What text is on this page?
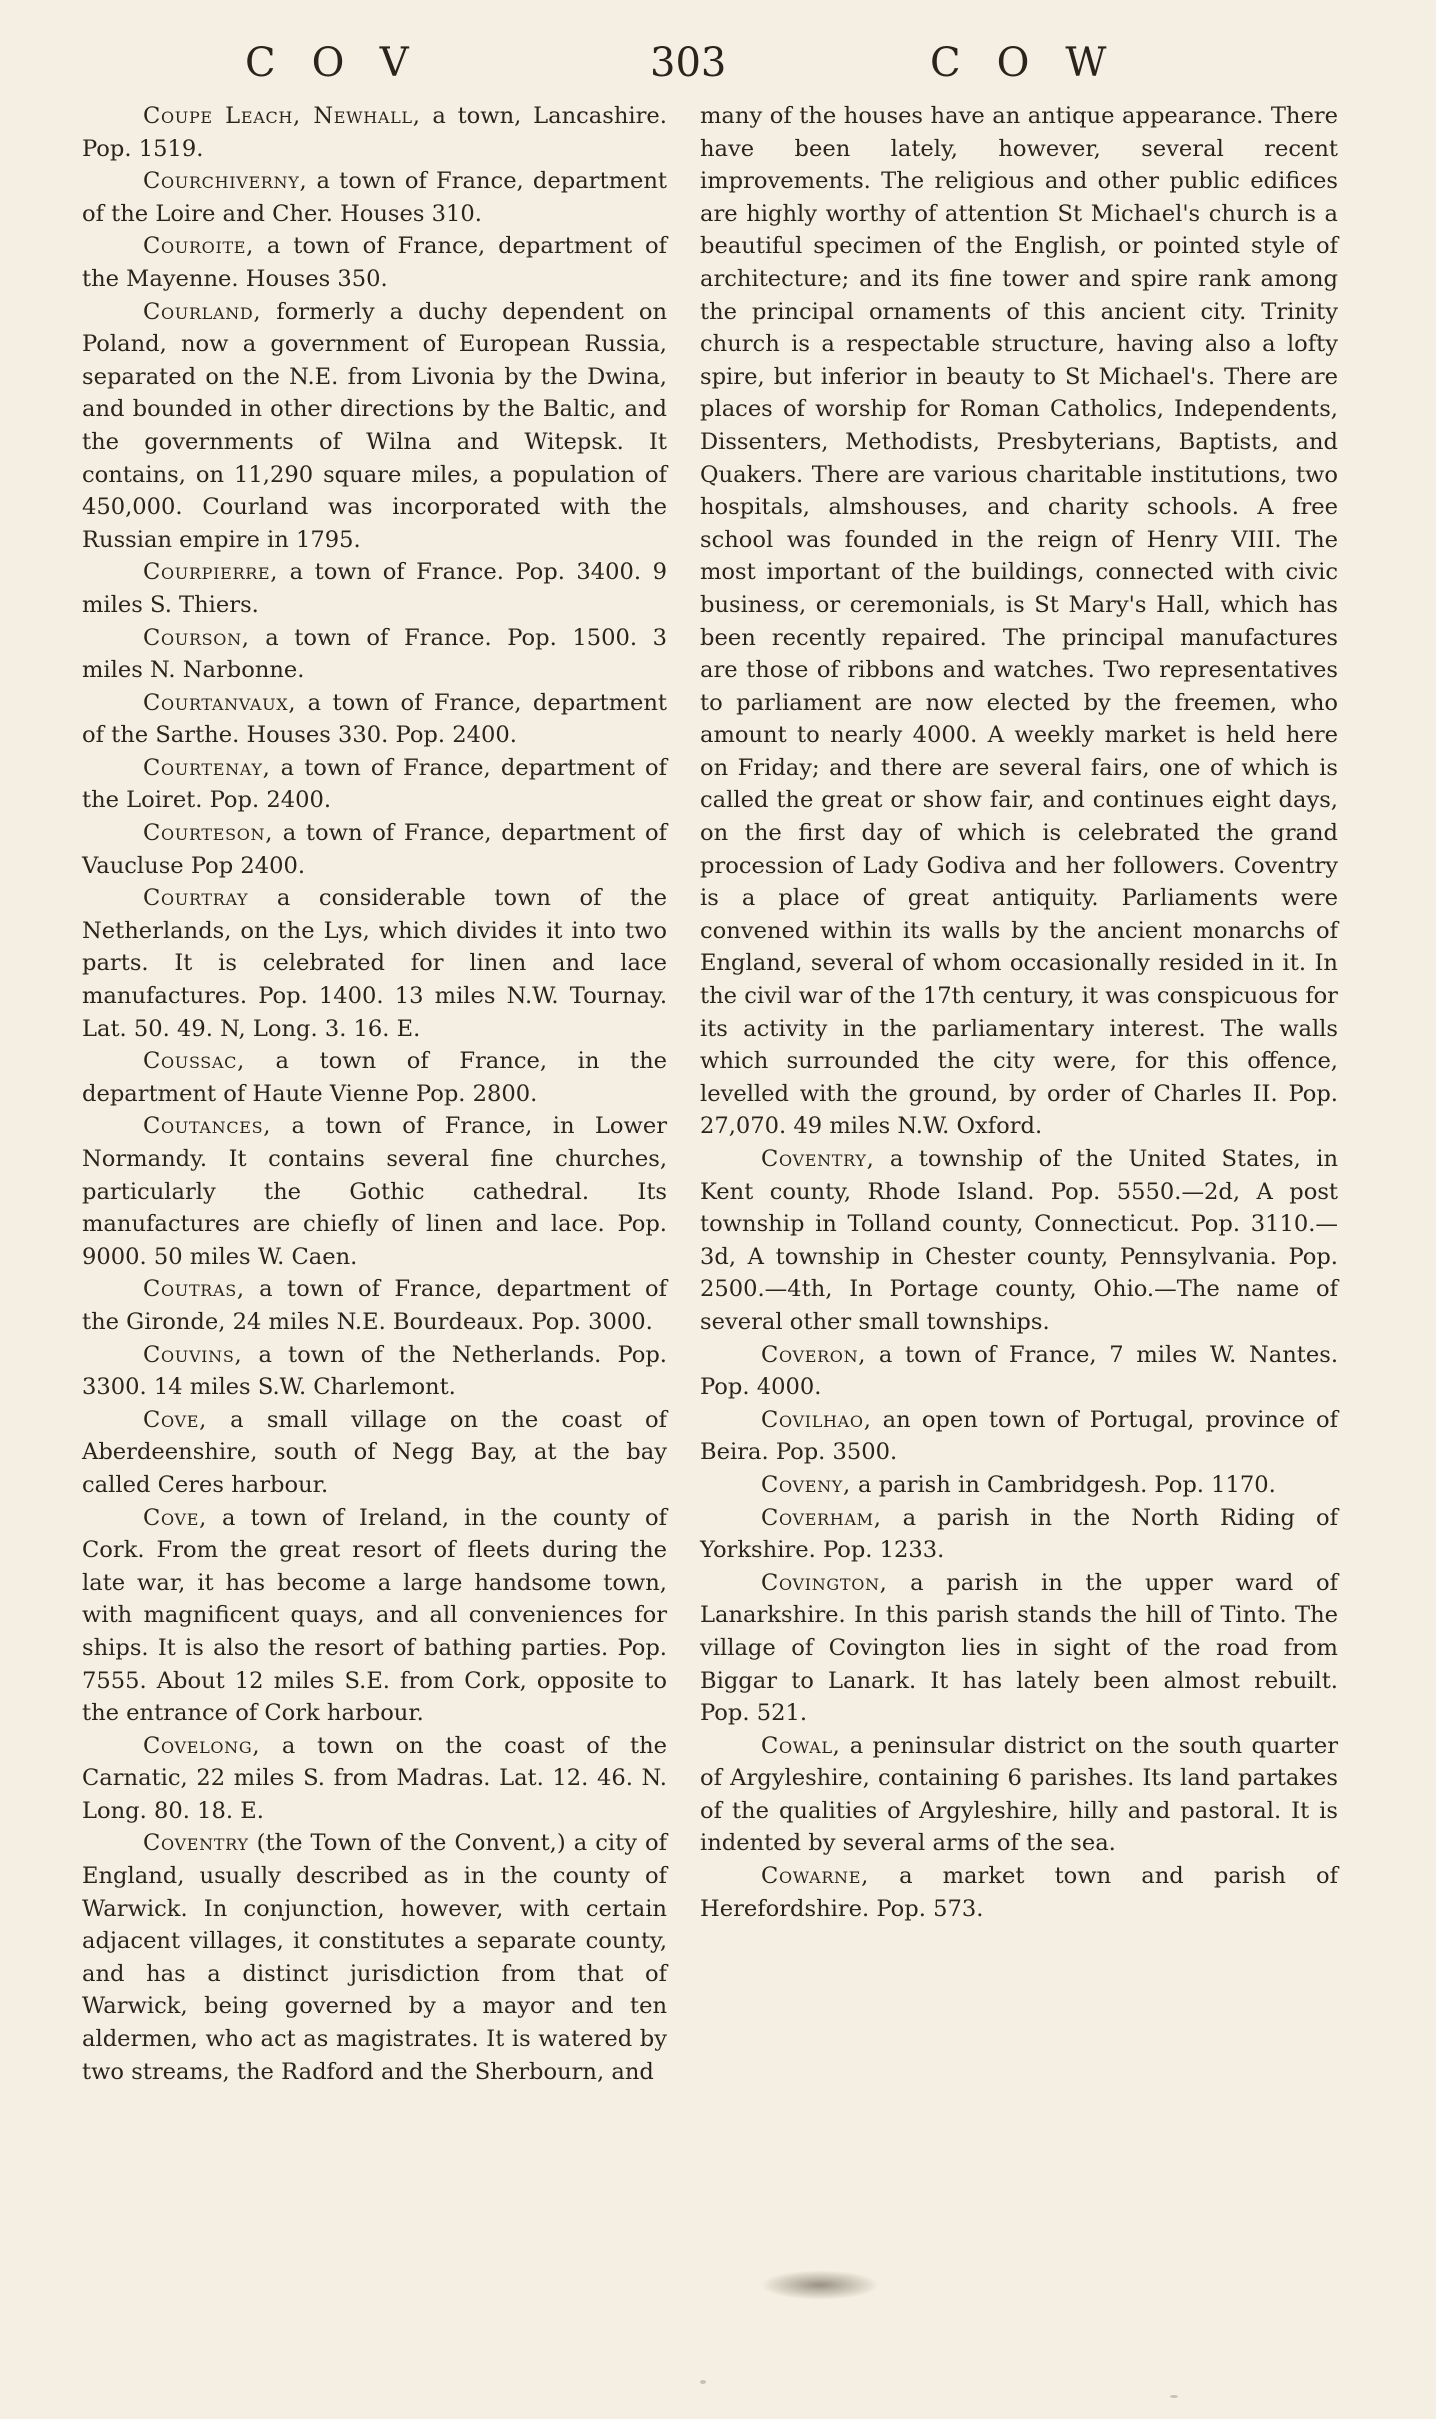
COV	303	COW

Coupe Leach, Newhall, a town, Lancashire. Pop. 1519.

Courchiverny, a town of France, department of the Loire and Cher. Houses 310.

Couroite, a town of France, department of the Mayenne. Houses 350.

Courland, formerly a duchy dependent on Poland, now a government of European Russia, separated on the N.E. from Livonia by the Dwina, and bounded in other directions by the Baltic, and the governments of Wilna and Witepsk. It contains, on 11,290 square miles, a population of 450,000. Courland was incorporated with the Russian empire in 1795.

Courpierre, a town of France. Pop. 3400. 9 miles S. Thiers.

Courson, a town of France. Pop. 1500. 3 miles N. Narbonne.

Courtanvaux, a town of France, department of the Sarthe. Houses 330. Pop. 2400.

Courtenay, a town of France, department of the Loiret. Pop. 2400.

Courteson, a town of France, department of Vaucluse Pop 2400.

Courtray a considerable town of the Netherlands, on the Lys, which divides it into two parts. It is celebrated for linen and lace manufactures. Pop. 1400. 13 miles N.W. Tournay. Lat. 50. 49. N, Long. 3. 16. E.

Coussac, a town of France, in the department of Haute Vienne Pop. 2800.

Coutances, a town of France, in Lower Normandy. It contains several fine churches, particularly the Gothic cathedral. Its manufactures are chiefly of linen and lace. Pop. 9000. 50 miles W. Caen.

Coutras, a town of France, department of the Gironde, 24 miles N.E. Bourdeaux. Pop. 3000.

Couvins, a town of the Netherlands. Pop. 3300. 14 miles S.W. Charlemont.

Cove, a small village on the coast of Aberdeenshire, south of Negg Bay, at the bay called Ceres harbour.

Cove, a town of Ireland, in the county of Cork. From the great resort of fleets during the late war, it has become a large handsome town, with magnificent quays, and all conveniences for ships. It is also the resort of bathing parties. Pop. 7555. About 12 miles S.E. from Cork, opposite to the entrance of Cork harbour.

Covelong, a town on the coast of the Carnatic, 22 miles S. from Madras. Lat. 12. 46. N. Long. 80. 18. E.

Coventry (the Town of the Convent,) a city of England, usually described as in the county of Warwick. In conjunction, however, with certain adjacent villages, it constitutes a separate county, and has a distinct jurisdiction from that of Warwick, being governed by a mayor and ten aldermen, who act as magistrates. It is watered by two streams, the Radford and the Sherbourn, and

many of the houses have an antique appearance. There have been lately, however, several recent improvements. The religious and other public edifices are highly worthy of attention St Michael's church is a beautiful specimen of the English, or pointed style of architecture; and its fine tower and spire rank among the principal ornaments of this ancient city. Trinity church is a respectable structure, having also a lofty spire, but inferior in beauty to St Michael's. There are places of worship for Roman Catholics, Independents, Dissenters, Methodists, Presbyterians, Baptists, and Quakers. There are various charitable institutions, two hospitals, almshouses, and charity schools. A free school was founded in the reign of Henry VIII. The most important of the buildings, connected with civic business, or ceremonials, is St Mary's Hall, which has been recently repaired. The principal manufactures are those of ribbons and watches. Two representatives to parliament are now elected by the freemen, who amount to nearly 4000. A weekly market is held here on Friday; and there are several fairs, one of which is called the great or show fair, and continues eight days, on the first day of which is celebrated the grand procession of Lady Godiva and her followers. Coventry is a place of great antiquity. Parliaments were convened within its walls by the ancient monarchs of England, several of whom occasionally resided in it. In the civil war of the 17th century, it was conspicuous for its activity in the parliamentary interest. The walls which surrounded the city were, for this offence, levelled with the ground, by order of Charles II. Pop. 27,070. 49 miles N.W. Oxford.

Coventry, a township of the United States, in Kent county, Rhode Island. Pop. 5550.—2d, A post township in Tolland county, Connecticut. Pop. 3110.—3d, A township in Chester county, Pennsylvania. Pop. 2500.—4th, In Portage county, Ohio.—The name of several other small townships.

Coveron, a town of France, 7 miles W. Nantes. Pop. 4000.

Covilhao, an open town of Portugal, province of Beira. Pop. 3500.

Coveny, a parish in Cambridgesh. Pop. 1170.

Coverham, a parish in the North Riding of Yorkshire. Pop. 1233.

Covington, a parish in the upper ward of Lanarkshire. In this parish stands the hill of Tinto. The village of Covington lies in sight of the road from Biggar to Lanark. It has lately been almost rebuilt. Pop. 521.

Cowal, a peninsular district on the south quarter of Argyleshire, containing 6 parishes. Its land partakes of the qualities of Argyleshire, hilly and pastoral. It is indented by several arms of the sea.

Cowarne, a market town and parish of Herefordshire. Pop. 573.
